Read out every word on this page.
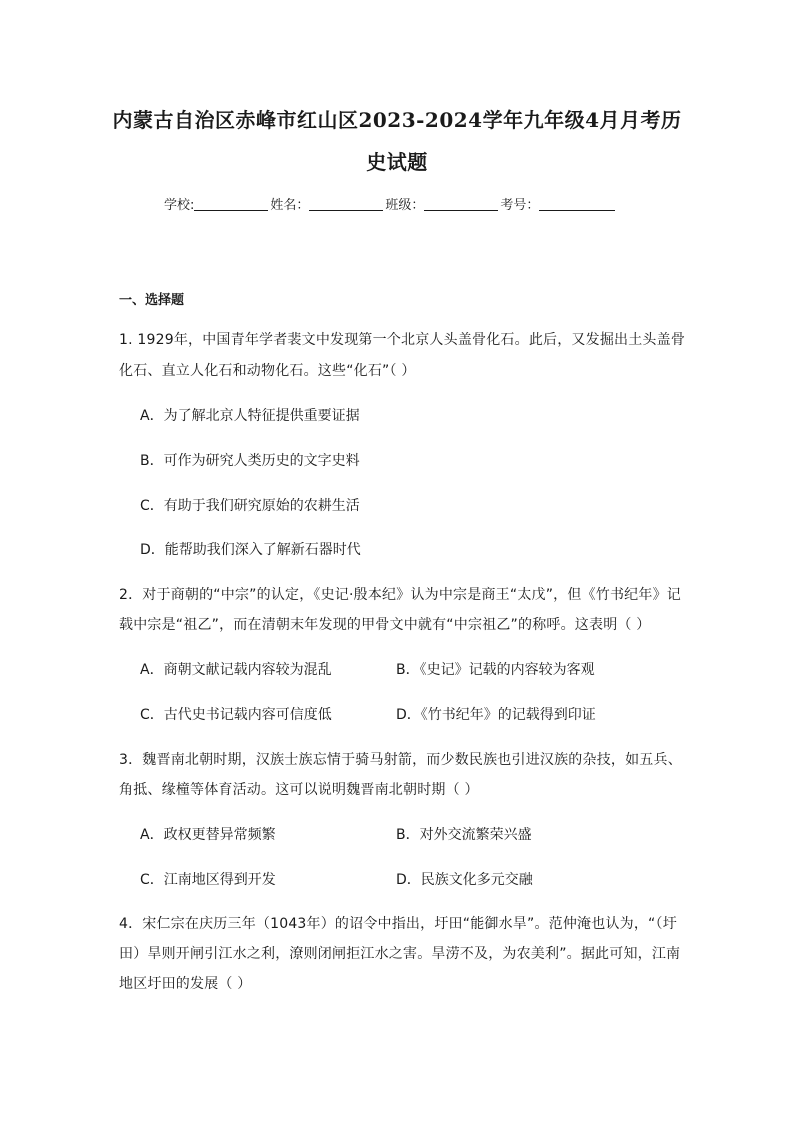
内蒙古自治区赤峰市红山区2023-2024学年九年级4月月考历
史试题
学校:	姓名：	班级：	考号：
一、选择题
1. 1929年，中国青年学者裴文中发现第一个北京人头盖骨化石。此后，又发掘出土头盖骨
化石、直立人化石和动物化石。这些“化石”（ ）
A．为了解北京人特征提供重要证据
B．可作为研究人类历史的文字史料
C．有助于我们研究原始的农耕生活
D．能帮助我们深入了解新石器时代
2．对于商朝的“中宗”的认定，《史记·殷本纪》认为中宗是商王“太戊”，但《竹书纪年》记
载中宗是“祖乙”，而在清朝末年发现的甲骨文中就有“中宗祖乙”的称呼。这表明（ ）
A．商朝文献记载内容较为混乱	B．《史记》记载的内容较为客观
C．古代史书记载内容可信度低	D．《竹书纪年》的记载得到印证
3．魏晋南北朝时期，汉族士族忘情于骑马射箭，而少数民族也引进汉族的杂技，如五兵、
角抵、缘橦等体育活动。这可以说明魏晋南北朝时期（ ）
A．政权更替异常频繁	B．对外交流繁荣兴盛
C．江南地区得到开发	D．民族文化多元交融
4．宋仁宗在庆历三年（1043年）的诏令中指出，圩田“能御水旱”。范仲淹也认为，“（圩
田）旱则开闸引江水之利，潦则闭闸拒江水之害。旱涝不及，为农美利”。据此可知，江南
地区圩田的发展（ ）
